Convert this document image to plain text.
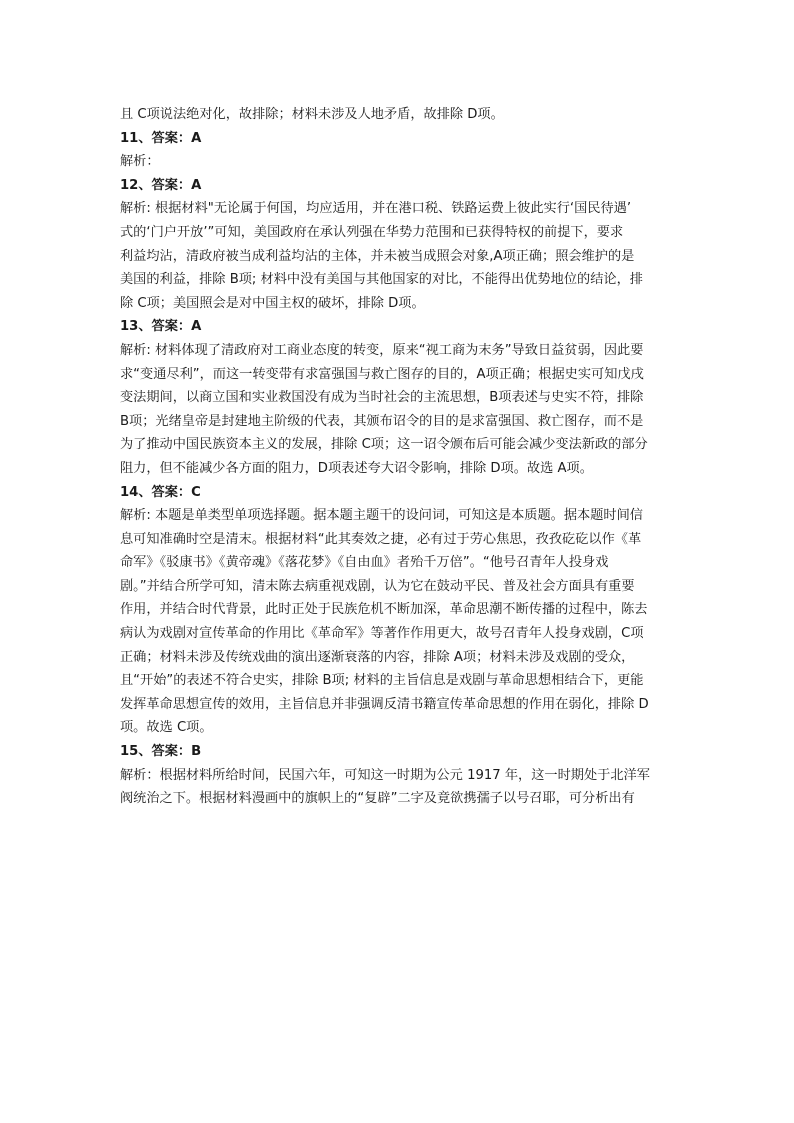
且 C项说法绝对化，故排除；材料未涉及人地矛盾，故排除 D项。
11、答案：A
解析：
12、答案：A
解析: 根据材料"无论属于何国，均应适用，并在港口税、铁路运费上彼此实行‘国民待遇’
式的‘门户开放’”可知，美国政府在承认列强在华势力范围和已获得特权的前提下，要求
利益均沾，清政府被当成利益均沾的主体，并未被当成照会对象,A项正确；照会维护的是
美国的利益，排除 B项; 材料中没有美国与其他国家的对比，不能得出优势地位的结论，排
除 C项；美国照会是对中国主权的破坏，排除 D项。
13、答案：A
解析: 材料体现了清政府对工商业态度的转变，原来“视工商为末务”导致日益贫弱，因此要
求“变通尽利”，而这一转变带有求富强国与救亡图存的目的，A项正确；根据史实可知戊戌
变法期间，以商立国和实业救国没有成为当时社会的主流思想，B项表述与史实不符，排除
B项；光绪皇帝是封建地主阶级的代表，其颁布诏令的目的是求富强国、救亡图存，而不是
为了推动中国民族资本主义的发展，排除 C项；这一诏令颁布后可能会减少变法新政的部分
阻力，但不能减少各方面的阻力，D项表述夸大诏令影响，排除 D项。故选 A项。
14、答案：C
解析: 本题是单类型单项选择题。据本题主题干的设问词，可知这是本质题。据本题时间信
息可知准确时空是清末。根据材料“此其奏效之捷，必有过于劳心焦思，孜孜矻矻以作《革
命军》《驳康书》《黄帝魂》《落花梦》《自由血》者殆千万倍”。“他号召青年人投身戏
剧。”并结合所学可知，清末陈去病重视戏剧，认为它在鼓动平民、普及社会方面具有重要
作用，并结合时代背景，此时正处于民族危机不断加深，革命思潮不断传播的过程中，陈去
病认为戏剧对宣传革命的作用比《革命军》等著作作用更大，故号召青年人投身戏剧，C项
正确；材料未涉及传统戏曲的演出逐渐衰落的内容，排除 A项；材料未涉及戏剧的受众，
且“开始”的表述不符合史实，排除 B项; 材料的主旨信息是戏剧与革命思想相结合下，更能
发挥革命思想宣传的效用，主旨信息并非强调反清书籍宣传革命思想的作用在弱化，排除 D
项。故选 C项。
15、答案：B
解析：根据材料所给时间，民国六年，可知这一时期为公元 1917 年，这一时期处于北洋军
阀统治之下。根据材料漫画中的旗帜上的“复辟”二字及竟欲携孺子以号召耶，可分析出有
